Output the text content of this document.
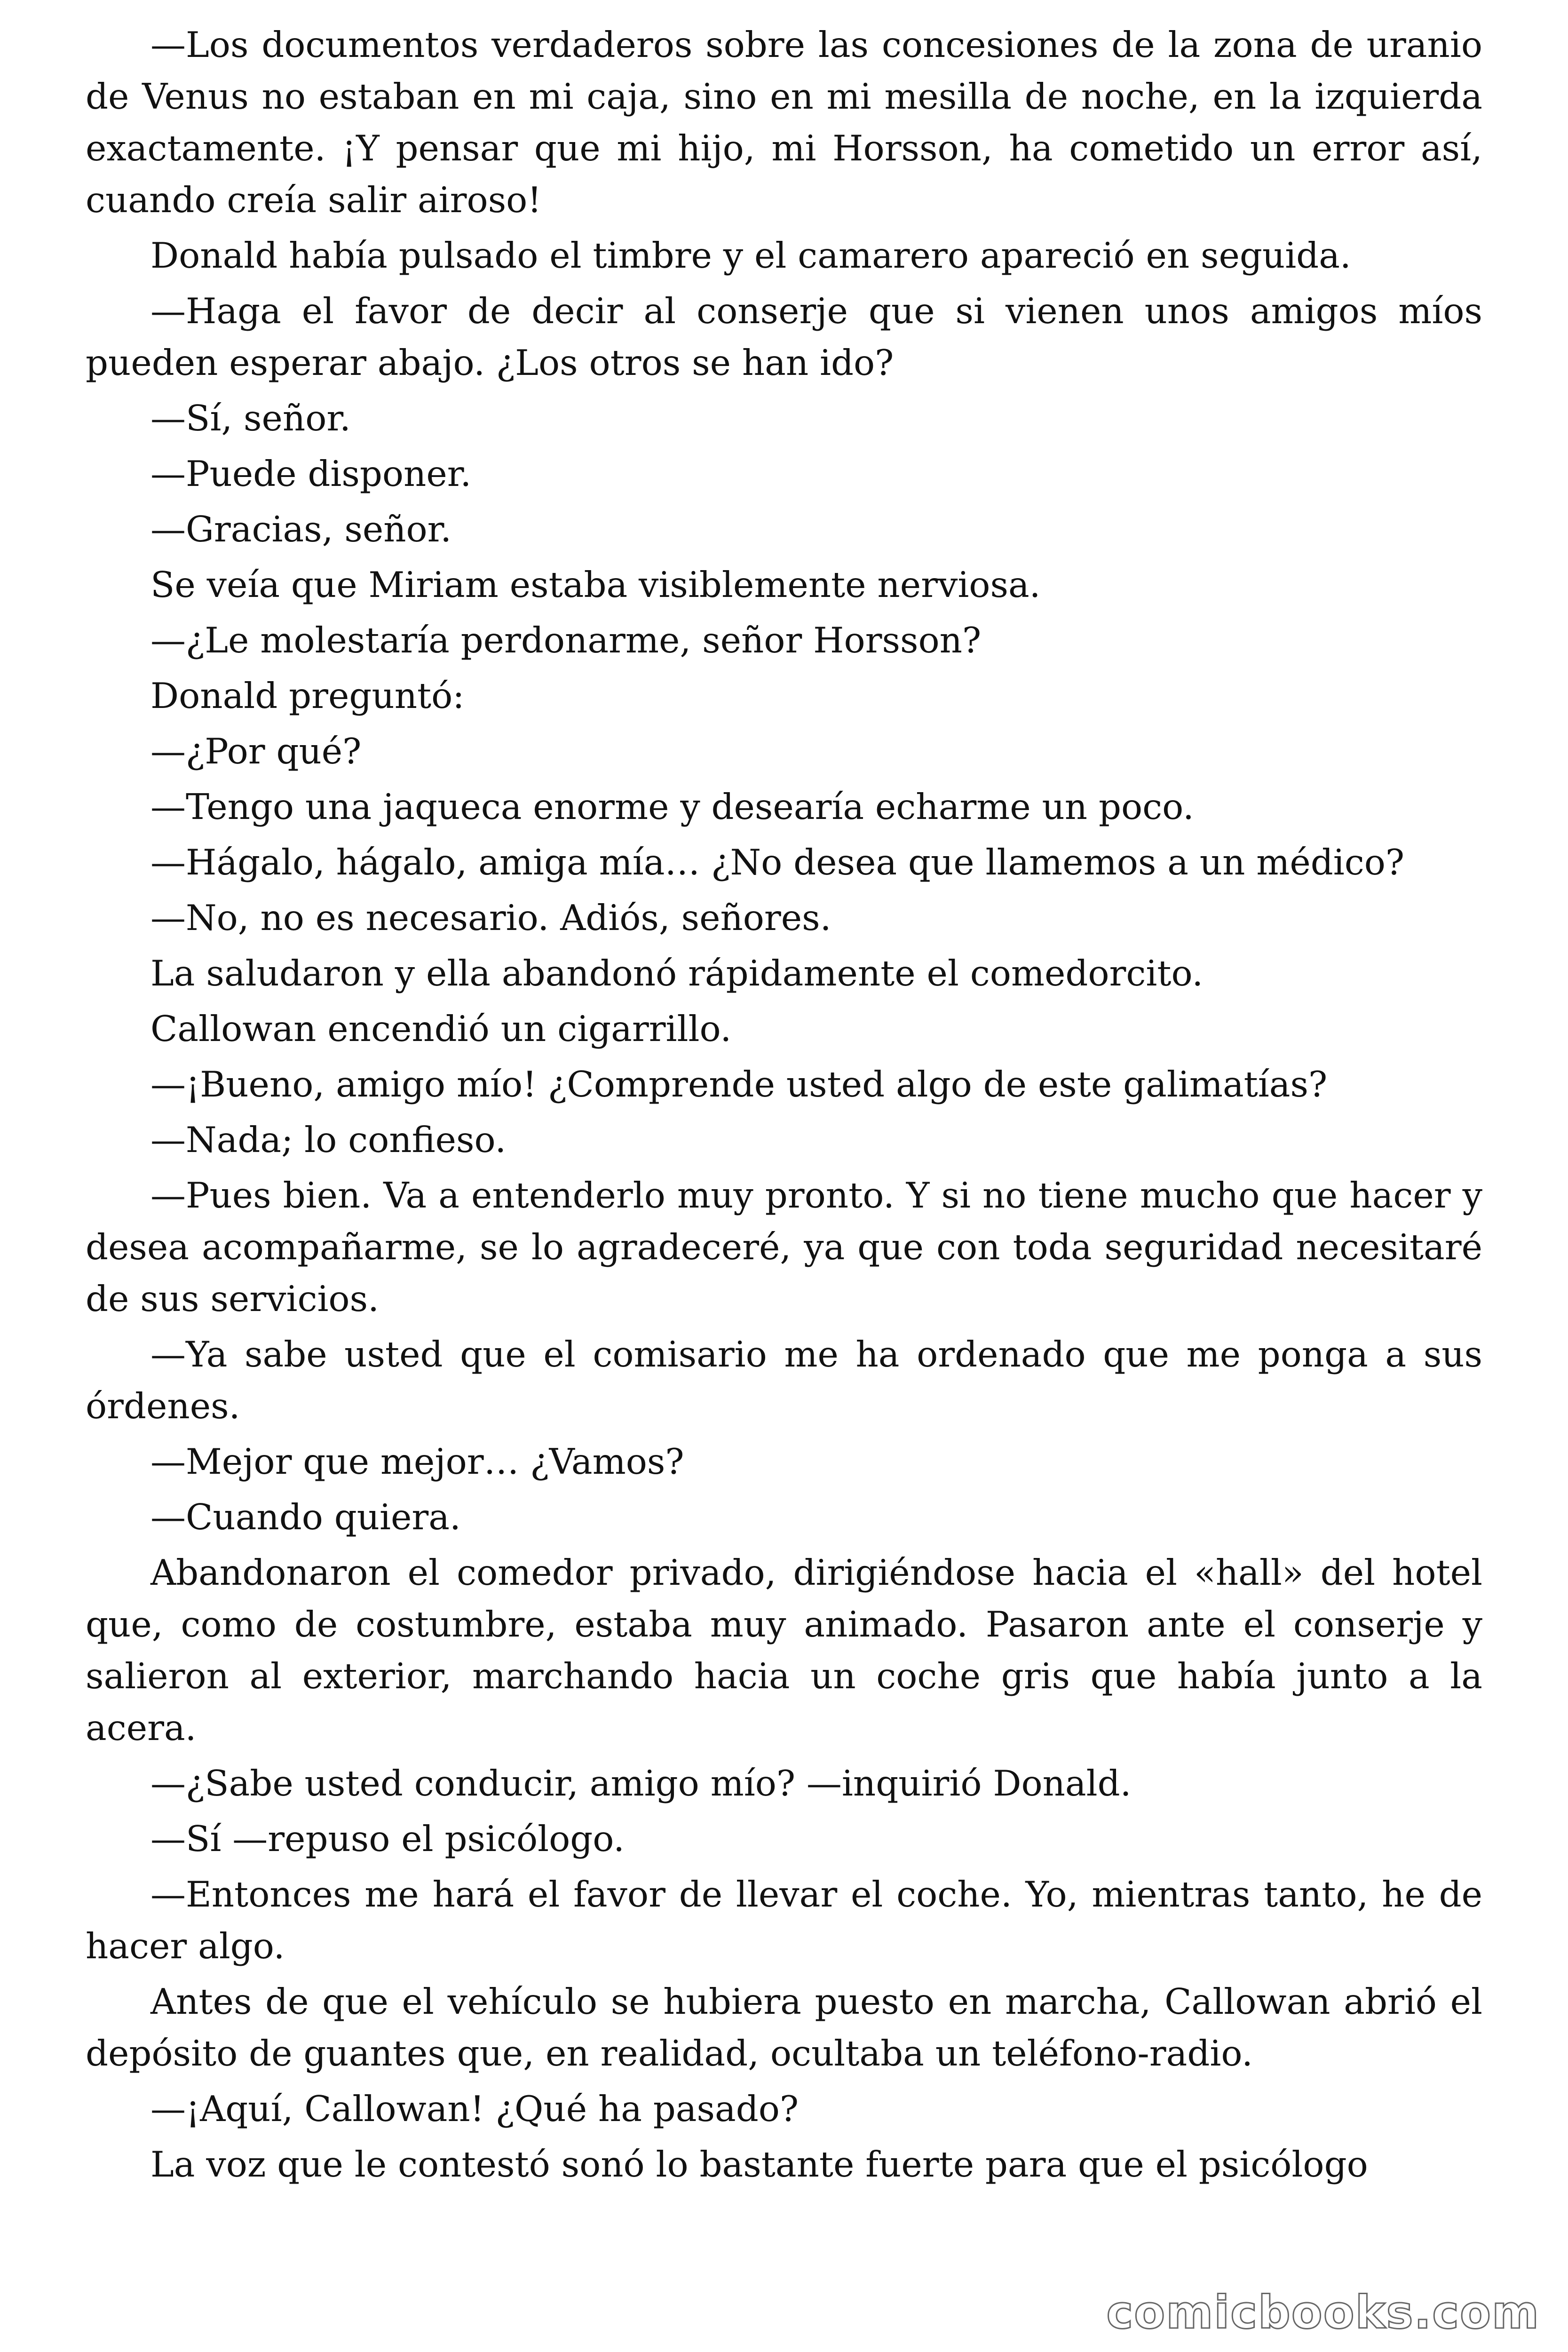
—Los documentos verdaderos sobre las concesiones de la zona de uranio de Venus no estaban en mi caja, sino en mi mesilla de noche, en la izquierda exactamente. ¡Y pensar que mi hijo, mi Horsson, ha cometido un error así, cuando creía salir airoso!

Donald había pulsado el timbre y el camarero apareció en seguida.

—Haga el favor de decir al conserje que si vienen unos amigos míos pueden esperar abajo. ¿Los otros se han ido?

—Sí, señor.

—Puede disponer.

—Gracias, señor.

Se veía que Miriam estaba visiblemente nerviosa.

—¿Le molestaría perdonarme, señor Horsson?

Donald preguntó:

—¿Por qué?

—Tengo una jaqueca enorme y desearía echarme un poco.

—Hágalo, hágalo, amiga mía… ¿No desea que llamemos a un médico?

—No, no es necesario. Adiós, señores.

La saludaron y ella abandonó rápidamente el comedorcito.

Callowan encendió un cigarrillo.

—¡Bueno, amigo mío! ¿Comprende usted algo de este galimatías?

—Nada; lo confieso.

—Pues bien. Va a entenderlo muy pronto. Y si no tiene mucho que hacer y desea acompañarme, se lo agradeceré, ya que con toda seguridad necesitaré de sus servicios.

—Ya sabe usted que el comisario me ha ordenado que me ponga a sus órdenes.

—Mejor que mejor… ¿Vamos?

—Cuando quiera.

Abandonaron el comedor privado, dirigiéndose hacia el «hall» del hotel que, como de costumbre, estaba muy animado. Pasaron ante el conserje y salieron al exterior, marchando hacia un coche gris que había junto a la acera.

—¿Sabe usted conducir, amigo mío? —inquirió Donald.

—Sí —repuso el psicólogo.

—Entonces me hará el favor de llevar el coche. Yo, mientras tanto, he de hacer algo.

Antes de que el vehículo se hubiera puesto en marcha, Callowan abrió el depósito de guantes que, en realidad, ocultaba un teléfono-radio.

—¡Aquí, Callowan! ¿Qué ha pasado?

La voz que le contestó sonó lo bastante fuerte para que el psicólogo

comicbooks.com
